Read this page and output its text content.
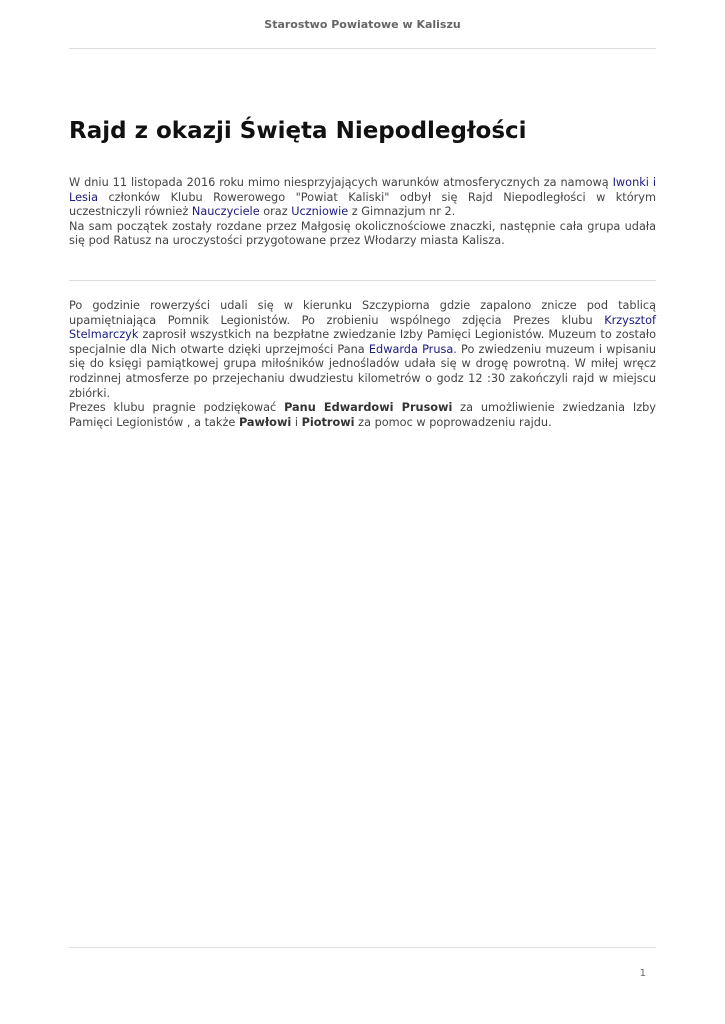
Starostwo Powiatowe w Kaliszu
Rajd z okazji Święta Niepodległości

W dniu 11 listopada 2016 roku mimo niesprzyjających warunków atmosferycznych za namową Iwonki i Lesia członków Klubu Rowerowego "Powiat Kaliski" odbył się Rajd Niepodległości w którym uczestniczyli również Nauczyciele oraz Uczniowie z Gimnazjum nr 2.
Na sam początek zostały rozdane przez Małgosię okolicznościowe znaczki, następnie cała grupa udała się pod Ratusz na uroczystości przygotowane przez Włodarzy miasta Kalisza.

Po godzinie rowerzyści udali się w kierunku Szczypiorna gdzie zapalono znicze pod tablicą upamiętniająca Pomnik Legionistów. Po zrobieniu wspólnego zdjęcia Prezes klubu Krzysztof Stelmarczyk zaprosił wszystkich na bezpłatne zwiedzanie Izby Pamięci Legionistów. Muzeum to zostało specjalnie dla Nich otwarte dzięki uprzejmości Pana Edwarda Prusa. Po zwiedzeniu muzeum i wpisaniu się do księgi pamiątkowej grupa miłośników jednośladów udała się w drogę powrotną. W miłej wręcz rodzinnej atmosferze po przejechaniu dwudziestu kilometrów o godz 12 :30 zakończyli rajd w miejscu zbiórki.
Prezes klubu pragnie podziękować Panu Edwardowi Prusowi za umożliwienie zwiedzania Izby Pamięci Legionistów , a także Pawłowi i Piotrowi za pomoc w poprowadzeniu rajdu.

1
